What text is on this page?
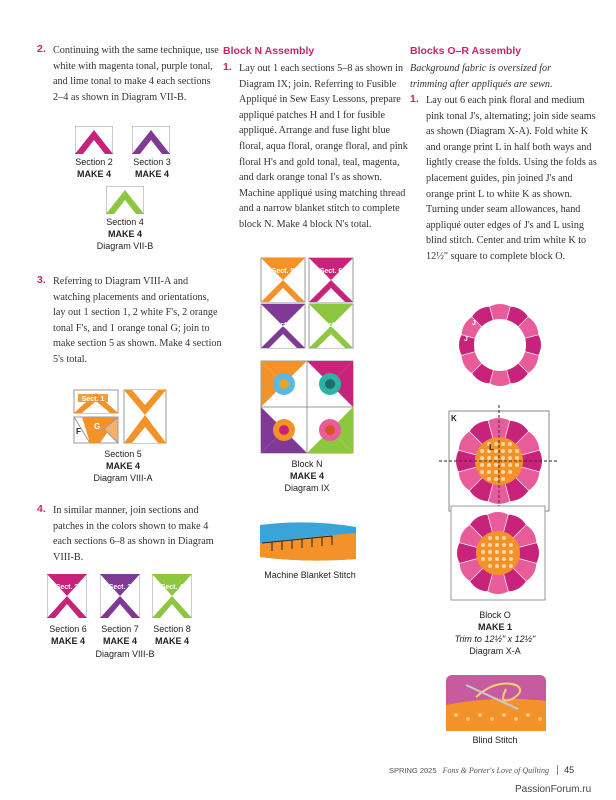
2. Continuing with the same technique, use white with magenta tonal, purple tonal, and lime tonal to make 4 each sections 2–4 as shown in Diagram VII-B.

Section 2
MAKE 4
Section 3
MAKE 4
Section 4
MAKE 4
Diagram VII-B
3. Referring to Diagram VIII-A and watching placements and orientations, lay out 1 section 1, 2 white F's, 2 orange tonal F's, and 1 orange tonal G; join to make section 5 as shown. Make 4 section 5's total.

Sect. 1
F
G
Section 5
MAKE 4
Diagram VIII-A
4. In similar manner, join sections and patches in the colors shown to make 4 each sections 6–8 as shown in Diagram VIII-B.

Sect. 2	Sect. 3	Sect. 4
Section 6
MAKE 4
Section 7
MAKE 4
Section 8
MAKE 4
Diagram VIII-B
Block N Assembly
1. Lay out 1 each sections 5–8 as shown in Diagram IX; join. Referring to Fusible Appliqué in Sew Easy Lessons, prepare appliqué patches H and I for fusible appliqué. Arrange and fuse light blue floral, aqua floral, orange floral, and pink floral H's and gold tonal, teal, magenta, and dark orange tonal I's as shown. Machine appliqué using matching thread and a narrow blanket stitch to complete block N. Make 4 block N's total.

Sect. 5	Sect. 6
Sect. 7	Sect. 8
Block N
MAKE 4
Diagram IX
Machine Blanket Stitch
Blocks O–R Assembly

Background fabric is oversized for trimming after appliqués are sewn.

1. Lay out 6 each pink floral and medium pink tonal J's, alternating; join side seams as shown (Diagram X-A). Fold white K and orange print L in half both ways and lightly crease the folds. Using the folds as placement guides, pin joined J's and orange print L to white K as shown. Turning under seam allowances, hand appliqué outer edges of J's and L using blind stitch. Center and trim white K to 12½" square to complete block O.

J
J
K
L
Block O
MAKE 1
Trim to 12½" x 12½"
Diagram X-A
Blind Stitch
SPRING 2025 Fons & Porter's Love of Quilting 45
PassionForum.ru
